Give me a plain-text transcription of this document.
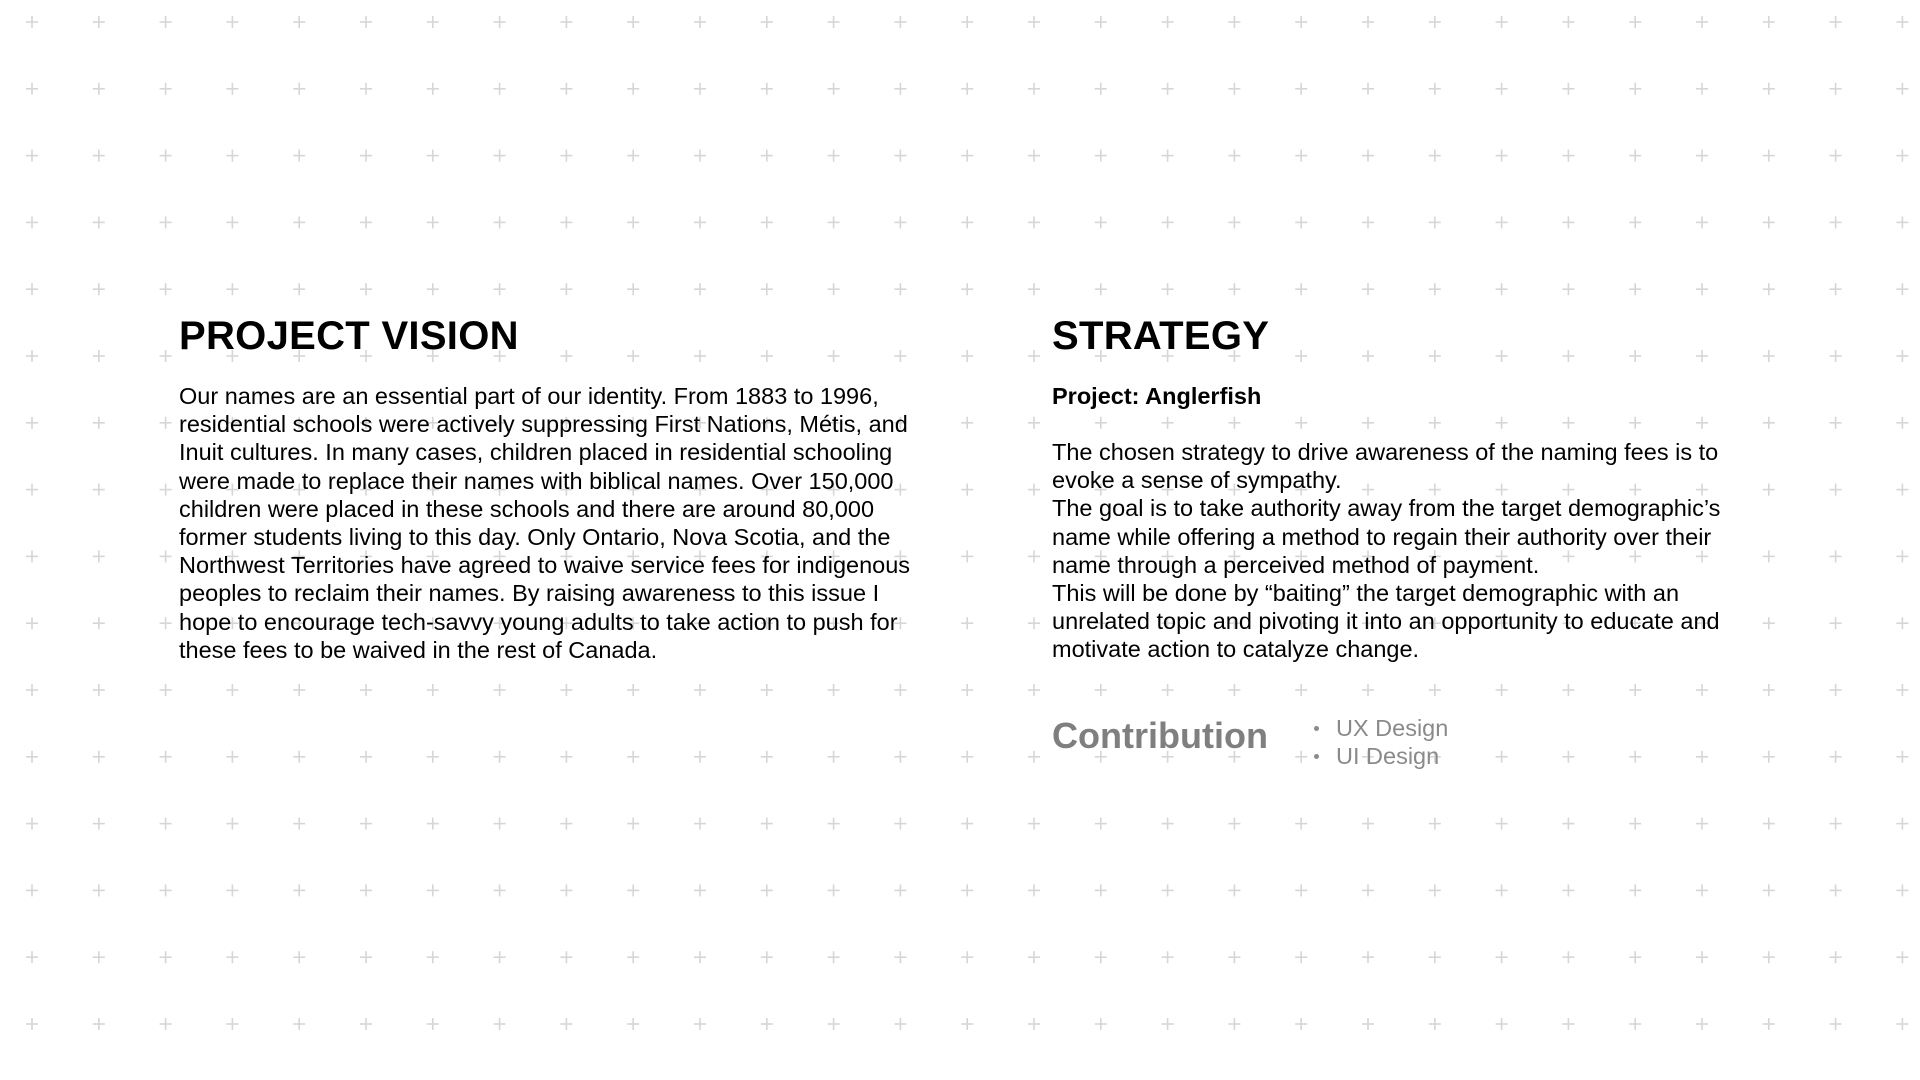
PROJECT VISION

Our names are an essential part of our identity. From 1883 to 1996, residential schools were actively suppressing First Nations, Métis, and Inuit cultures. In many cases, children placed in residential schooling were made to replace their names with biblical names. Over 150,000 children were placed in these schools and there are around 80,000 former students living to this day. Only Ontario, Nova Scotia, and the Northwest Territories have agreed to waive service fees for indigenous peoples to reclaim their names. By raising awareness to this issue I hope to encourage tech-savvy young adults to take action to push for these fees to be waived in the rest of Canada.

STRATEGY

Project: Anglerfish

The chosen strategy to drive awareness of the naming fees is to evoke a sense of sympathy.

The goal is to take authority away from the target demographic’s name while offering a method to regain their authority over their name through a perceived method of payment.

This will be done by “baiting” the target demographic with an unrelated topic and pivoting it into an opportunity to educate and motivate action to catalyze change.

Contribution	UX Design
UI Design
